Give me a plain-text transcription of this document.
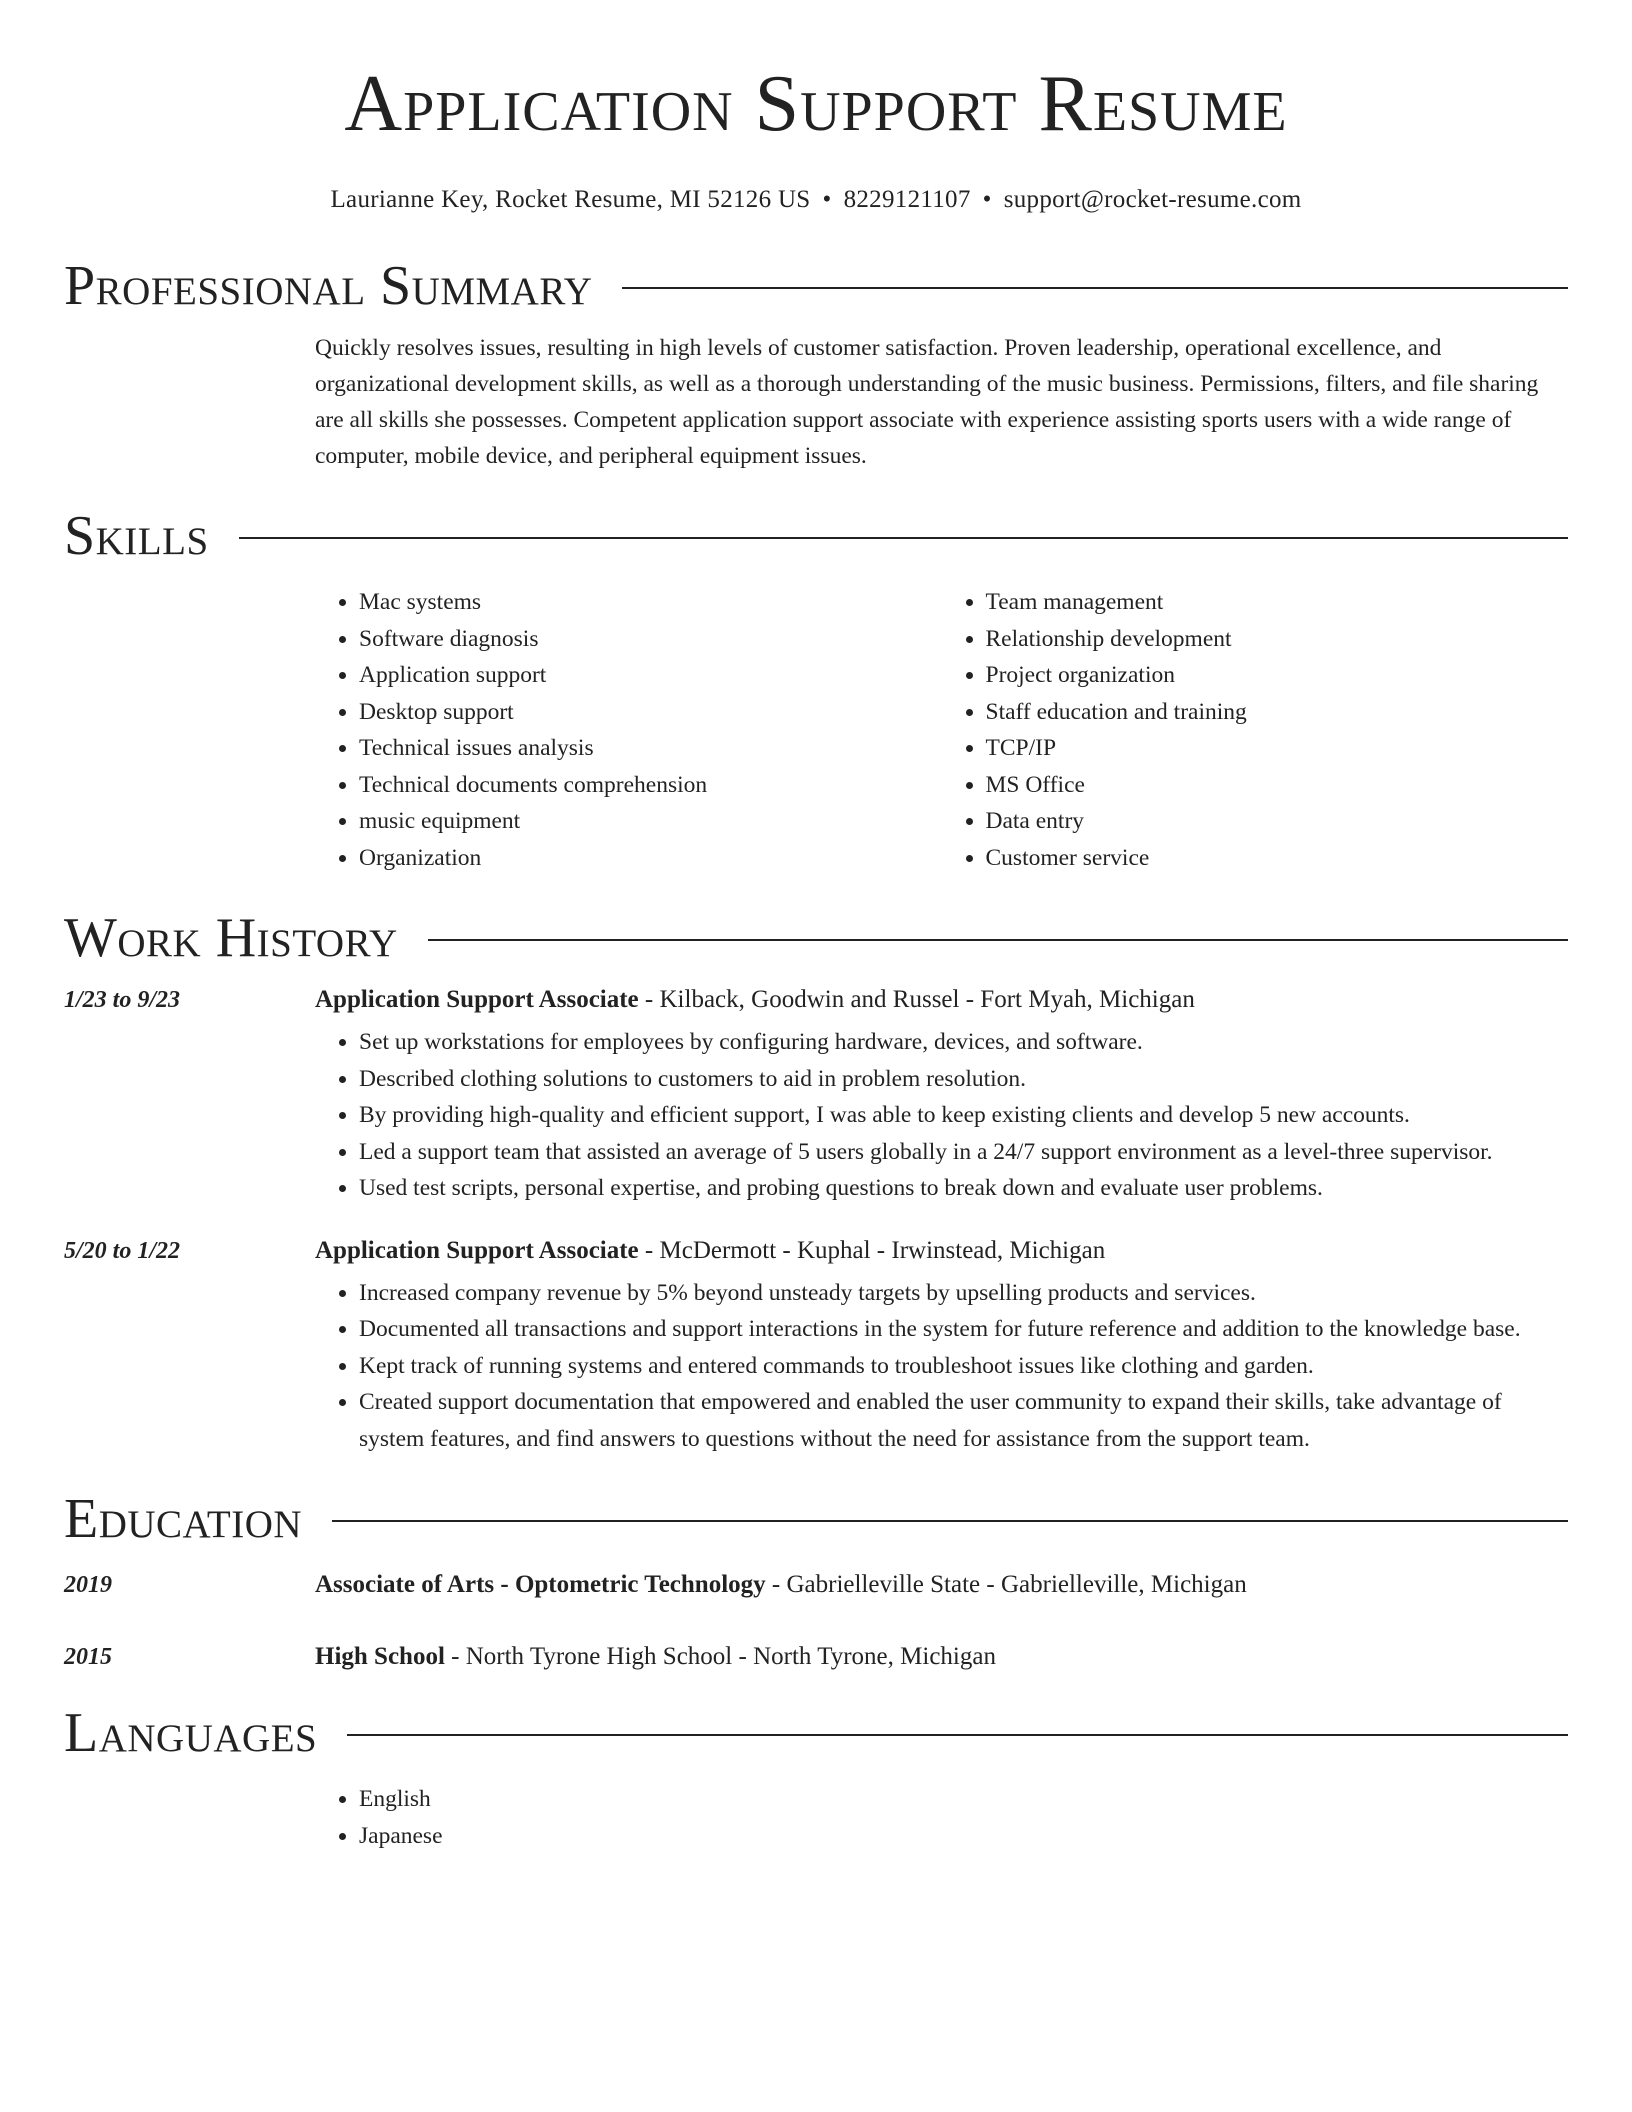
Application Support Resume
Laurianne Key, Rocket Resume, MI 52126 US • 8229121107 • support@rocket-resume.com
Professional Summary
Quickly resolves issues, resulting in high levels of customer satisfaction. Proven leadership, operational excellence, and organizational development skills, as well as a thorough understanding of the music business. Permissions, filters, and file sharing are all skills she possesses. Competent application support associate with experience assisting sports users with a wide range of computer, mobile device, and peripheral equipment issues.
Skills
• Mac systems
• Software diagnosis
• Application support
• Desktop support
• Technical issues analysis
• Technical documents comprehension
• music equipment
• Organization
• Team management
• Relationship development
• Project organization
• Staff education and training
• TCP/IP
• MS Office
• Data entry
• Customer service
Work History
1/23 to 9/23	Application Support Associate - Kilback, Goodwin and Russel - Fort Myah, Michigan
• Set up workstations for employees by configuring hardware, devices, and software.
• Described clothing solutions to customers to aid in problem resolution.
• By providing high-quality and efficient support, I was able to keep existing clients and develop 5 new accounts.
• Led a support team that assisted an average of 5 users globally in a 24/7 support environment as a level-three supervisor.
• Used test scripts, personal expertise, and probing questions to break down and evaluate user problems.
5/20 to 1/22	Application Support Associate - McDermott - Kuphal - Irwinstead, Michigan
• Increased company revenue by 5% beyond unsteady targets by upselling products and services.
• Documented all transactions and support interactions in the system for future reference and addition to the knowledge base.
• Kept track of running systems and entered commands to troubleshoot issues like clothing and garden.
• Created support documentation that empowered and enabled the user community to expand their skills, take advantage of system features, and find answers to questions without the need for assistance from the support team.
Education
2019	Associate of Arts - Optometric Technology - Gabrielleville State - Gabrielleville, Michigan
2015	High School - North Tyrone High School - North Tyrone, Michigan
Languages
• English
• Japanese
